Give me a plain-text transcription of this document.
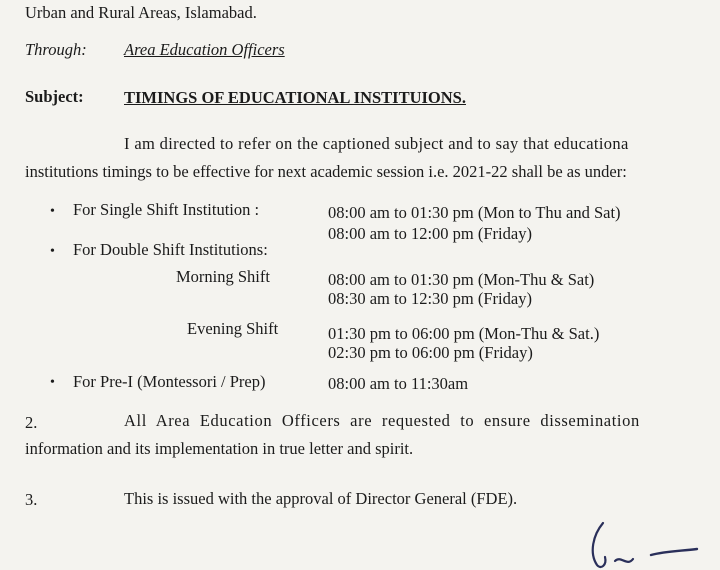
Urban and Rural Areas, Islamabad.
Through: Area Education Officers
Subject: TIMINGS OF EDUCATIONAL INSTITUIONS.
I am directed to refer on the captioned subject and to say that educationa
institutions timings to be effective for next academic session i.e. 2021-22 shall be as under:
• For Single Shift Institution :	08:00 am to 01:30 pm (Mon to Thu and Sat)
08:00 am to 12:00 pm (Friday)
• For Double Shift Institutions:
Morning Shift	08:00 am to 01:30 pm (Mon-Thu & Sat)
08:30 am to 12:30 pm (Friday)
Evening Shift	01:30 pm to 06:00 pm (Mon-Thu & Sat.)
02:30 pm to 06:00 pm (Friday)
• For Pre-I (Montessori / Prep)	08:00 am to 11:30am
2.	All Area Education Officers are requested to ensure dissemination
information and its implementation in true letter and spirit.
3.	This is issued with the approval of Director General (FDE).
